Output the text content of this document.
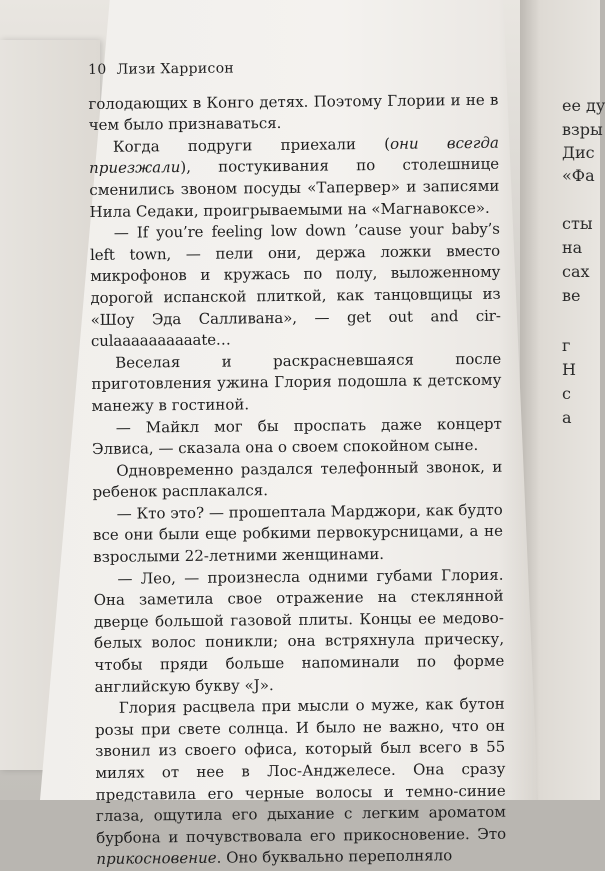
ее ду
взры
Дис
«Фа
сты
на
сах
ве
г
Н
с
а
10 Лизи Харрисон

голодающих в Конго детях. Поэтому Глории и не в чем было признаваться.

Когда подруги приехали (они всегда приезжали), постукивания по столешнице сменились звоном посуды «Тапервер» и записями Нила Седаки, проигрываемыми на «Магнавоксе».

— If you’re feeling low down ’cause your baby’s left town, — пели они, держа ложки вместо микрофонов и кружась по полу, выложенному дорогой испанской плиткой, как танцовщицы из «Шоу Эда Салливана», — get out and cir-culaaaaaaaaaate…

Веселая и раскрасневшаяся после приготовления ужина Глория подошла к детскому манежу в гостиной.

— Майкл мог бы проспать даже концерт Элвиса, — сказала она о своем спокойном сыне.

Одновременно раздался телефонный звонок, и ребенок расплакался.

— Кто это? — прошептала Марджори, как будто все они были еще робкими первокурсницами, а не взрослыми 22-летними женщинами.

— Лео, — произнесла одними губами Глория. Она заметила свое отражение на стеклянной дверце большой газовой плиты. Концы ее медово-белых волос поникли; она встряхнула прическу, чтобы пряди больше напоминали по форме английскую букву «J».

Глория расцвела при мысли о муже, как бутон розы при свете солнца. И было не важно, что он звонил из своего офиса, который был всего в 55 милях от нее в Лос-Анджелесе. Она сразу представила его черные волосы и темно-синие глаза, ощутила его дыхание с легким ароматом бурбона и почувствовала его прикосновение. Это прикосновение. Оно буквально переполняло
